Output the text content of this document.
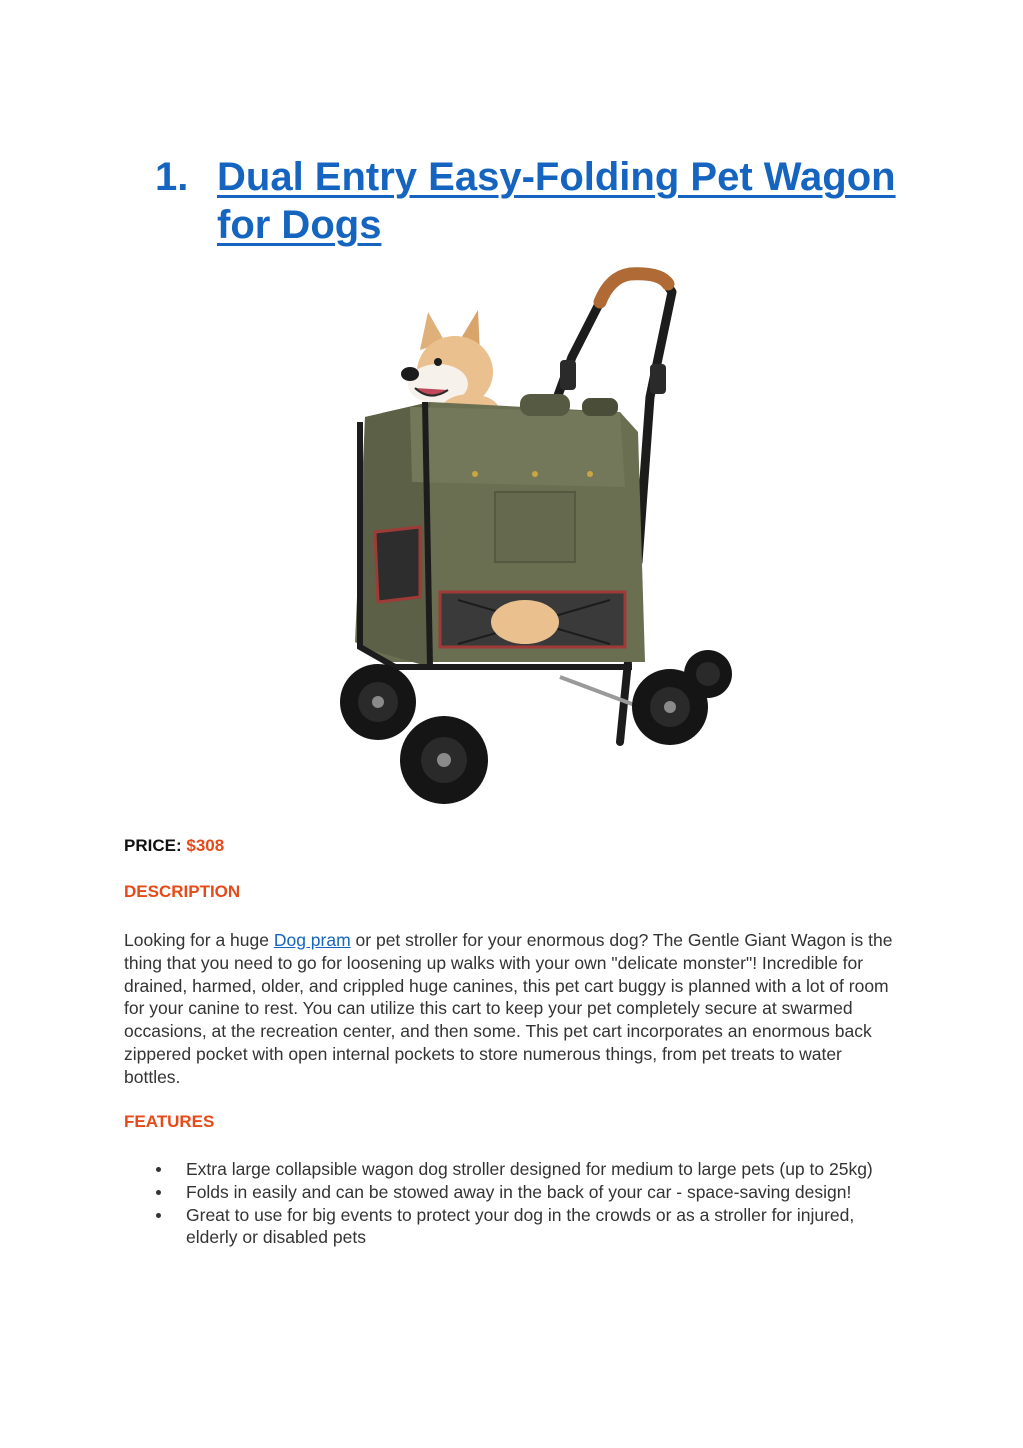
1. Dual Entry Easy-Folding Pet Wagon for Dogs
PRICE: $308
DESCRIPTION

Looking for a huge Dog pram or pet stroller for your enormous dog? The Gentle Giant Wagon is the thing that you need to go for loosening up walks with your own "delicate monster"! Incredible for drained, harmed, older, and crippled huge canines, this pet cart buggy is planned with a lot of room for your canine to rest. You can utilize this cart to keep your pet completely secure at swarmed occasions, at the recreation center, and then some. This pet cart incorporates an enormous back zippered pocket with open internal pockets to store numerous things, from pet treats to water bottles.

FEATURES
Extra large collapsible wagon dog stroller designed for medium to large pets (up to 25kg)
Folds in easily and can be stowed away in the back of your car - space-saving design!
Great to use for big events to protect your dog in the crowds or as a stroller for injured, elderly or disabled pets
